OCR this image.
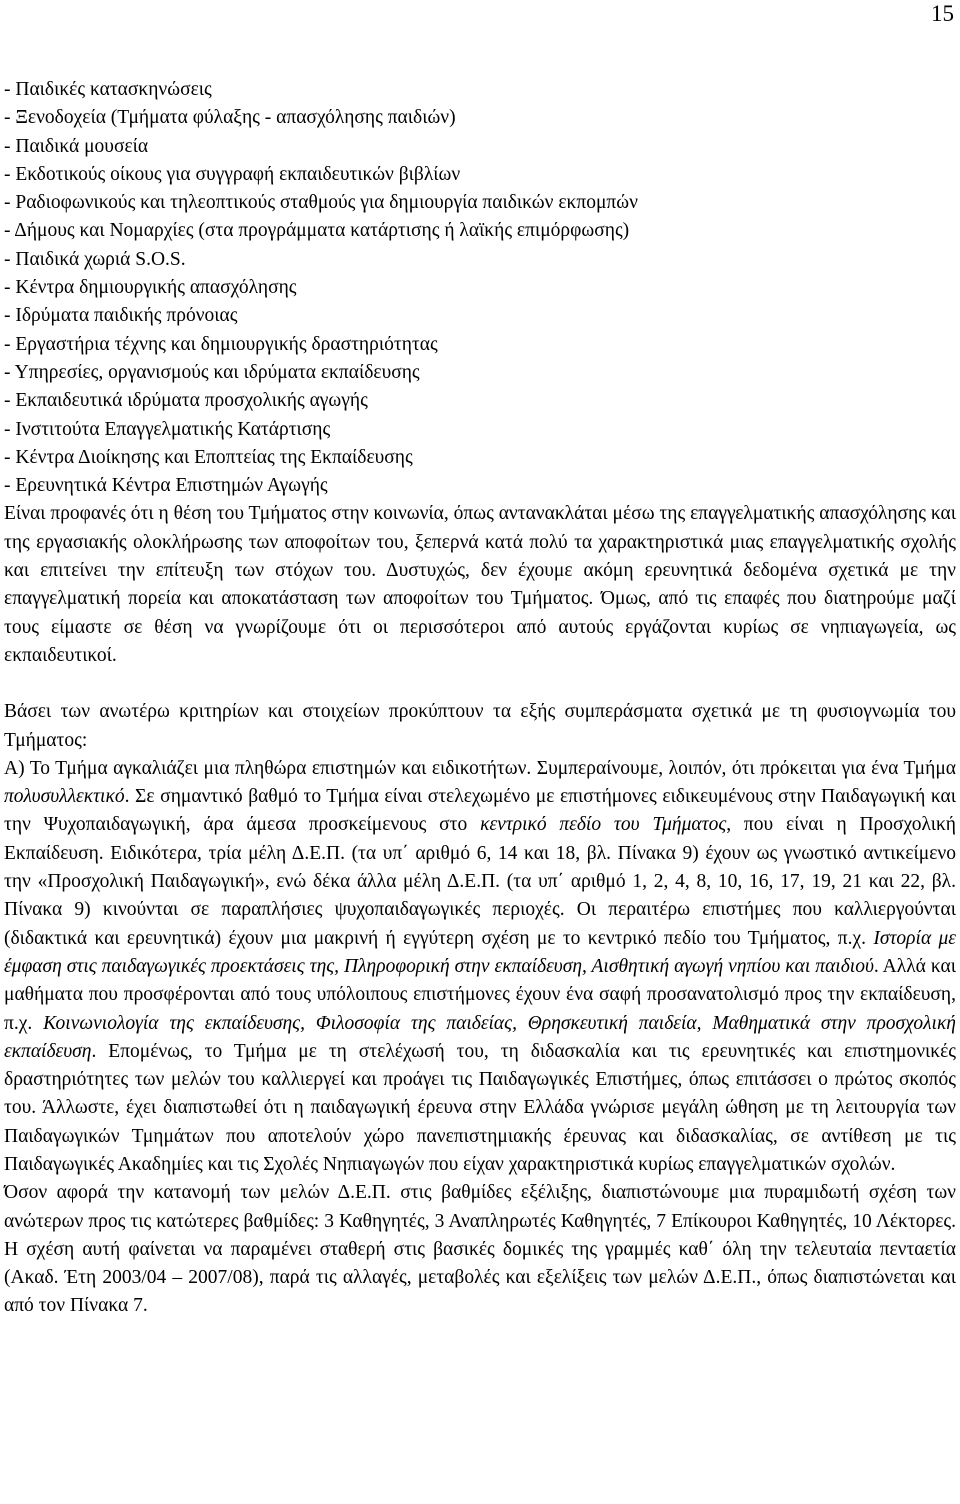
15
- Παιδικές κατασκηνώσεις
- Ξενοδοχεία (Τμήματα φύλαξης - απασχόλησης παιδιών)
- Παιδικά μουσεία
- Εκδοτικούς οίκους για συγγραφή εκπαιδευτικών βιβλίων
- Ραδιοφωνικούς και τηλεοπτικούς σταθμούς για δημιουργία παιδικών εκπομπών
- Δήμους και Νομαρχίες (στα προγράμματα κατάρτισης ή λαϊκής επιμόρφωσης)
- Παιδικά χωριά S.O.S.
- Κέντρα δημιουργικής απασχόλησης
- Ιδρύματα παιδικής πρόνοιας
- Εργαστήρια τέχνης και δημιουργικής δραστηριότητας
- Υπηρεσίες, οργανισμούς και ιδρύματα εκπαίδευσης
- Εκπαιδευτικά ιδρύματα προσχολικής αγωγής
- Ινστιτούτα Επαγγελματικής Κατάρτισης
- Κέντρα Διοίκησης και Εποπτείας της Εκπαίδευσης
- Ερευνητικά Κέντρα Επιστημών Αγωγής
Είναι προφανές ότι η θέση του Τμήματος στην κοινωνία, όπως αντανακλάται μέσω της επαγγελματικής απασχόλησης και της εργασιακής ολοκλήρωσης των αποφοίτων του, ξεπερνά κατά πολύ τα χαρακτηριστικά μιας επαγγελματικής σχολής και επιτείνει την επίτευξη των στόχων του. Δυστυχώς, δεν έχουμε ακόμη ερευνητικά δεδομένα σχετικά με την επαγγελματική πορεία και αποκατάσταση των αποφοίτων του Τμήματος. Όμως, από τις επαφές που διατηρούμε μαζί τους είμαστε σε θέση να γνωρίζουμε ότι οι περισσότεροι από αυτούς εργάζονται κυρίως σε νηπιαγωγεία, ως εκπαιδευτικοί.
Βάσει των ανωτέρω κριτηρίων και στοιχείων προκύπτουν τα εξής συμπεράσματα σχετικά με τη φυσιογνωμία του Τμήματος:
Α) Το Τμήμα αγκαλιάζει μια πληθώρα επιστημών και ειδικοτήτων. Συμπεραίνουμε, λοιπόν, ότι πρόκειται για ένα Τμήμα πολυσυλλεκτικό. Σε σημαντικό βαθμό το Τμήμα είναι στελεχωμένο με επιστήμονες ειδικευμένους στην Παιδαγωγική και την Ψυχοπαιδαγωγική, άρα άμεσα προσκείμενους στο κεντρικό πεδίο του Τμήματος, που είναι η Προσχολική Εκπαίδευση. Ειδικότερα, τρία μέλη Δ.Ε.Π. (τα υπ΄ αριθμό 6, 14 και 18, βλ. Πίνακα 9) έχουν ως γνωστικό αντικείμενο την «Προσχολική Παιδαγωγική», ενώ δέκα άλλα μέλη Δ.Ε.Π. (τα υπ΄ αριθμό 1, 2, 4, 8, 10, 16, 17, 19, 21 και 22, βλ. Πίνακα 9) κινούνται σε παραπλήσιες ψυχοπαιδαγωγικές περιοχές. Οι περαιτέρω επιστήμες που καλλιεργούνται (διδακτικά και ερευνητικά) έχουν μια μακρινή ή εγγύτερη σχέση με το κεντρικό πεδίο του Τμήματος, π.χ. Ιστορία με έμφαση στις παιδαγωγικές προεκτάσεις της, Πληροφορική στην εκπαίδευση, Αισθητική αγωγή νηπίου και παιδιού. Αλλά και μαθήματα που προσφέρονται από τους υπόλοιπους επιστήμονες έχουν ένα σαφή προσανατολισμό προς την εκπαίδευση, π.χ. Κοινωνιολογία της εκπαίδευσης, Φιλοσοφία της παιδείας, Θρησκευτική παιδεία, Μαθηματικά στην προσχολική εκπαίδευση. Επομένως, το Τμήμα με τη στελέχωσή του, τη διδασκαλία και τις ερευνητικές και επιστημονικές δραστηριότητες των μελών του καλλιεργεί και προάγει τις Παιδαγωγικές Επιστήμες, όπως επιτάσσει ο πρώτος σκοπός του. Άλλωστε, έχει διαπιστωθεί ότι η παιδαγωγική έρευνα στην Ελλάδα γνώρισε μεγάλη ώθηση με τη λειτουργία των Παιδαγωγικών Τμημάτων που αποτελούν χώρο πανεπιστημιακής έρευνας και διδασκαλίας, σε αντίθεση με τις Παιδαγωγικές Ακαδημίες και τις Σχολές Νηπιαγωγών που είχαν χαρακτηριστικά κυρίως επαγγελματικών σχολών.
Όσον αφορά την κατανομή των μελών Δ.Ε.Π. στις βαθμίδες εξέλιξης, διαπιστώνουμε μια πυραμιδωτή σχέση των ανώτερων προς τις κατώτερες βαθμίδες: 3 Καθηγητές, 3 Αναπληρωτές Καθηγητές, 7 Επίκουροι Καθηγητές, 10 Λέκτορες. Η σχέση αυτή φαίνεται να παραμένει σταθερή στις βασικές δομικές της γραμμές καθ΄ όλη την τελευταία πενταετία (Ακαδ. Έτη 2003/04 – 2007/08), παρά τις αλλαγές, μεταβολές και εξελίξεις των μελών Δ.Ε.Π., όπως διαπιστώνεται και από τον Πίνακα 7.
